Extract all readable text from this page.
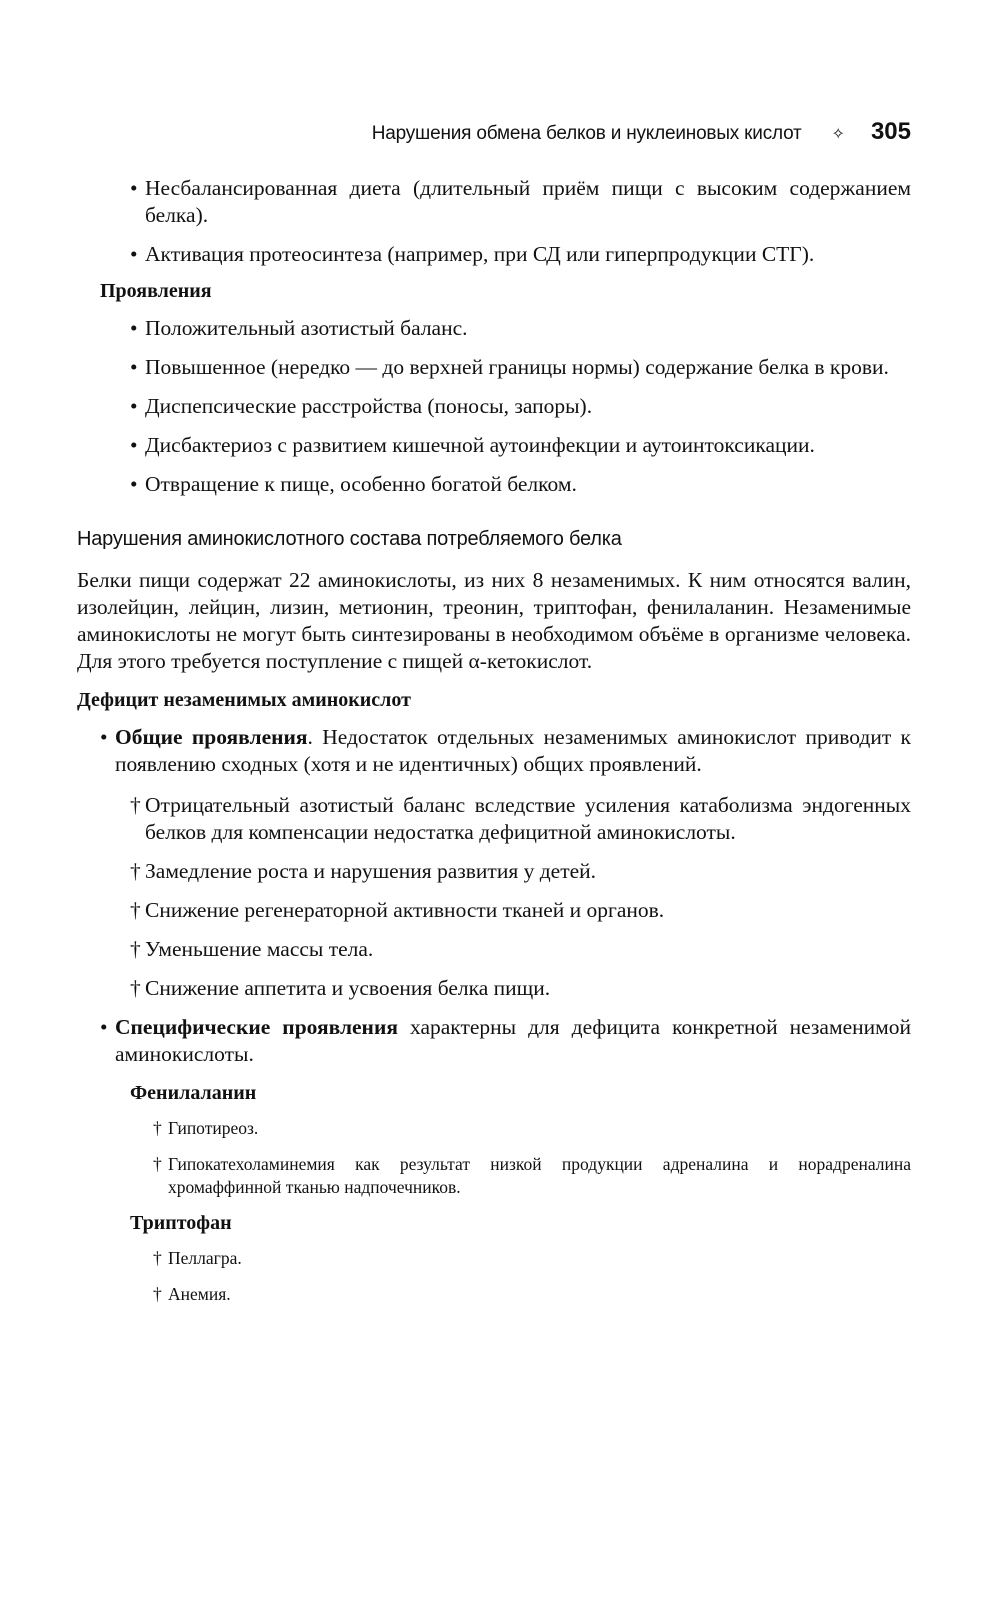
Нарушения обмена белков и нуклеиновых кислот ✧ 305
• Несбалансированная диета (длительный приём пищи с высоким содержанием белка).
• Активация протеосинтеза (например, при СД или гиперпродукции СТГ).
Проявления
• Положительный азотистый баланс.
• Повышенное (нередко — до верхней границы нормы) содержание белка в крови.
• Диспепсические расстройства (поносы, запоры).
• Дисбактериоз с развитием кишечной аутоинфекции и аутоинтоксикации.
• Отвращение к пище, особенно богатой белком.
Нарушения аминокислотного состава потребляемого белка
Белки пищи содержат 22 аминокислоты, из них 8 незаменимых. К ним относятся валин, изолейцин, лейцин, лизин, метионин, треонин, триптофан, фенилаланин. Незаменимые аминокислоты не могут быть синтезированы в необходимом объёме в организме человека. Для этого требуется поступление с пищей α-кетокислот.
Дефицит незаменимых аминокислот
• Общие проявления. Недостаток отдельных незаменимых аминокислот приводит к появлению сходных (хотя и не идентичных) общих проявлений.
† Отрицательный азотистый баланс вследствие усиления катаболизма эндогенных белков для компенсации недостатка дефицитной аминокислоты.
† Замедление роста и нарушения развития у детей.
† Снижение регенераторной активности тканей и органов.
† Уменьшение массы тела.
† Снижение аппетита и усвоения белка пищи.
• Специфические проявления характерны для дефицита конкретной незаменимой аминокислоты.
Фенилаланин
† Гипотиреоз.
† Гипокатехоламинемия как результат низкой продукции адреналина и норадреналина хромаффинной тканью надпочечников.
Триптофан
† Пеллагра.
† Анемия.
